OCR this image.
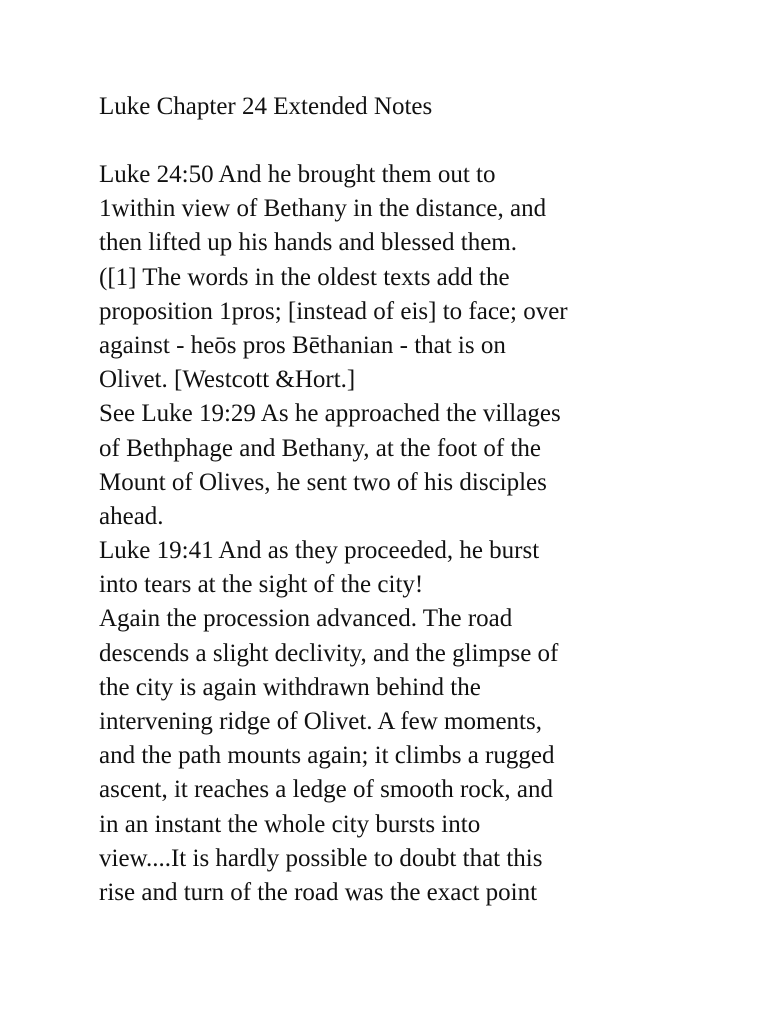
Luke Chapter 24 Extended Notes
Luke 24:50 And he brought them out to
1within view of Bethany in the distance, and
then lifted up his hands and blessed them.
([1] The words in the oldest texts add the
proposition 1pros; [instead of eis] to face; over
against - heōs pros Bēthanian - that is on
Olivet. [Westcott &Hort.]
See Luke 19:29 As he approached the villages
of Bethphage and Bethany, at the foot of the
Mount of Olives, he sent two of his disciples
ahead.
Luke 19:41 And as they proceeded, he burst
into tears at the sight of the city!
Again the procession advanced. The road
descends a slight declivity, and the glimpse of
the city is again withdrawn behind the
intervening ridge of Olivet. A few moments,
and the path mounts again; it climbs a rugged
ascent, it reaches a ledge of smooth rock, and
in an instant the whole city bursts into
view....It is hardly possible to doubt that this
rise and turn of the road was the exact point
